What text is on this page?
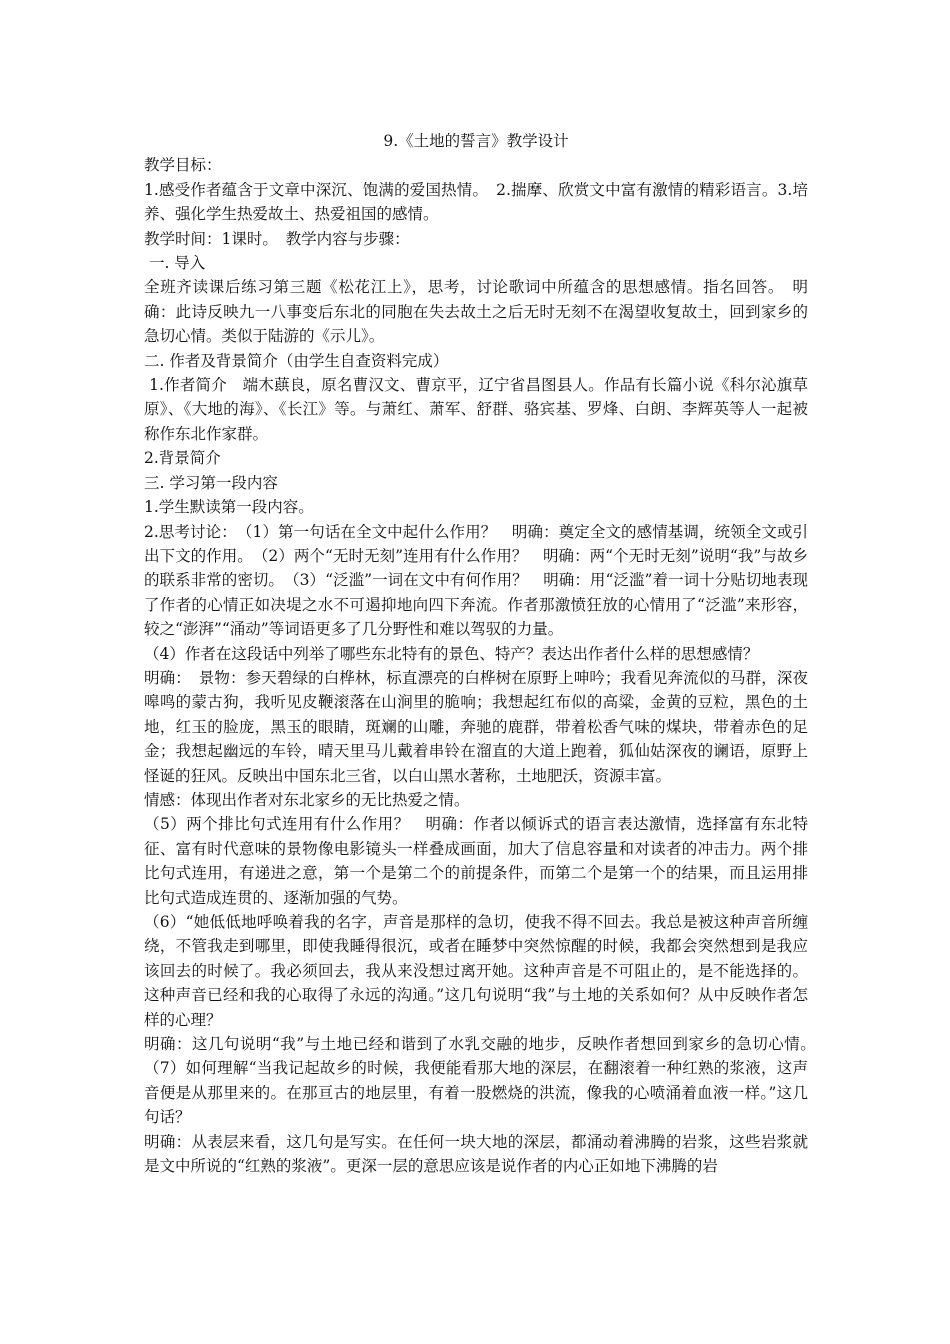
9.《土地的誓言》教学设计

教学目标：

1.感受作者蕴含于文章中深沉、饱满的爱国热情。　2.揣摩、欣赏文中富有激情的精彩语言。3.培养、强化学生热爱故土、热爱祖国的感情。

教学时间：1课时。　教学内容与步骤：

一. 导入

全班齐读课后练习第三题《松花江上》，思考，讨论歌词中所蕴含的思想感情。指名回答。　明确：此诗反映九一八事变后东北的同胞在失去故土之后无时无刻不在渴望收复故土，回到家乡的急切心情。类似于陆游的《示儿》。

二. 作者及背景简介（由学生自查资料完成）

1.作者简介　端木蕻良，原名曹汉文、曹京平，辽宁省昌图县人。作品有长篇小说《科尔沁旗草原》、《大地的海》、《长江》等。与萧红、萧军、舒群、骆宾基、罗烽、白朗、李辉英等人一起被称作东北作家群。

2.背景简介

三. 学习第一段内容

1.学生默读第一段内容。

2.思考讨论：　（1）第一句话在全文中起什么作用？　明确：奠定全文的感情基调，统领全文或引出下文的作用。　（2）两个“无时无刻”连用有什么作用？　明确：两“个无时无刻”说明“我”与故乡的联系非常的密切。　（3）“泛滥”一词在文中有何作用？　明确：用“泛滥”着一词十分贴切地表现了作者的心情正如决堤之水不可遏抑地向四下奔流。作者那激愤狂放的心情用了“泛滥”来形容，较之“澎湃”“涌动”等词语更多了几分野性和难以驾驭的力量。

（4）作者在这段话中列举了哪些东北特有的景色、特产？表达出作者什么样的思想感情？

明确：　景物：参天碧绿的白桦林，标直漂亮的白桦树在原野上呻吟；我看见奔流似的马群，深夜嗥鸣的蒙古狗，我听见皮鞭滚落在山涧里的脆响；我想起红布似的高粱，金黄的豆粒，黑色的土地，红玉的脸庞，黑玉的眼睛，斑斓的山雕，奔驰的鹿群，带着松香气味的煤块，带着赤色的足金；我想起幽远的车铃，晴天里马儿戴着串铃在溜直的大道上跑着，狐仙姑深夜的谰语，原野上怪诞的狂风。反映出中国东北三省，以白山黑水著称，土地肥沃，资源丰富。

情感：体现出作者对东北家乡的无比热爱之情。

（5）两个排比句式连用有什么作用？　明确：作者以倾诉式的语言表达激情，选择富有东北特征、富有时代意味的景物像电影镜头一样叠成画面，加大了信息容量和对读者的冲击力。两个排比句式连用，有递进之意，第一个是第二个的前提条件，而第二个是第一个的结果，而且运用排比句式造成连贯的、逐渐加强的气势。

（6）“她低低地呼唤着我的名字，声音是那样的急切，使我不得不回去。我总是被这种声音所缠绕，不管我走到哪里，即使我睡得很沉，或者在睡梦中突然惊醒的时候，我都会突然想到是我应该回去的时候了。我必须回去，我从来没想过离开她。这种声音是不可阻止的，是不能选择的。这种声音已经和我的心取得了永远的沟通。”这几句说明“我”与土地的关系如何？从中反映作者怎样的心理？

明确：这几句说明“我”与土地已经和谐到了水乳交融的地步，反映作者想回到家乡的急切心情。　（7）如何理解“当我记起故乡的时候，我便能看那大地的深层，在翻滚着一种红熟的浆液，这声音便是从那里来的。在那亘古的地层里，有着一股燃烧的洪流，像我的心喷涌着血液一样。”这几句话？

明确：从表层来看，这几句是写实。在任何一块大地的深层，都涌动着沸腾的岩浆，这些岩浆就是文中所说的“红熟的浆液”。更深一层的意思应该是说作者的内心正如地下沸腾的岩
